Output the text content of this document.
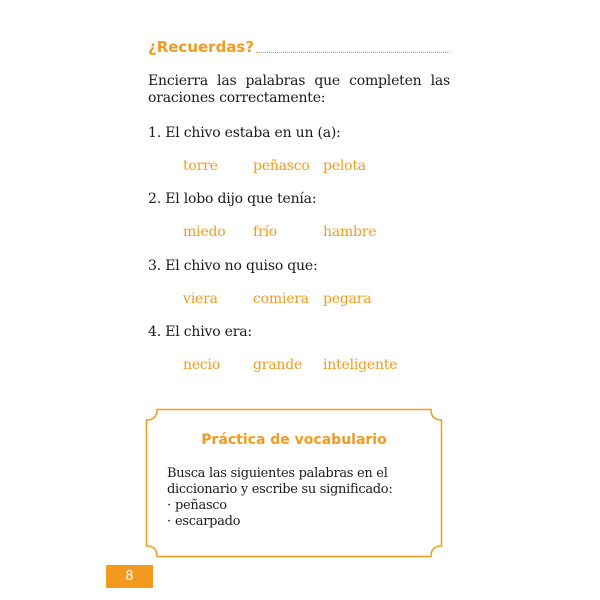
¿Recuerdas?
Encierra las palabras que completen las oraciones correctamente:
1. El chivo estaba en un (a):
torre	peñasco pelota
2. El lobo dijo que tenía:
miedo frío	hambre
3. El chivo no quiso que:
viera	comiera pegara
4. El chivo era:
necio grande inteligente
Práctica de vocabulario
Busca las siguientes palabras en el diccionario y escribe su significado:
· peñasco
· escarpado
8
